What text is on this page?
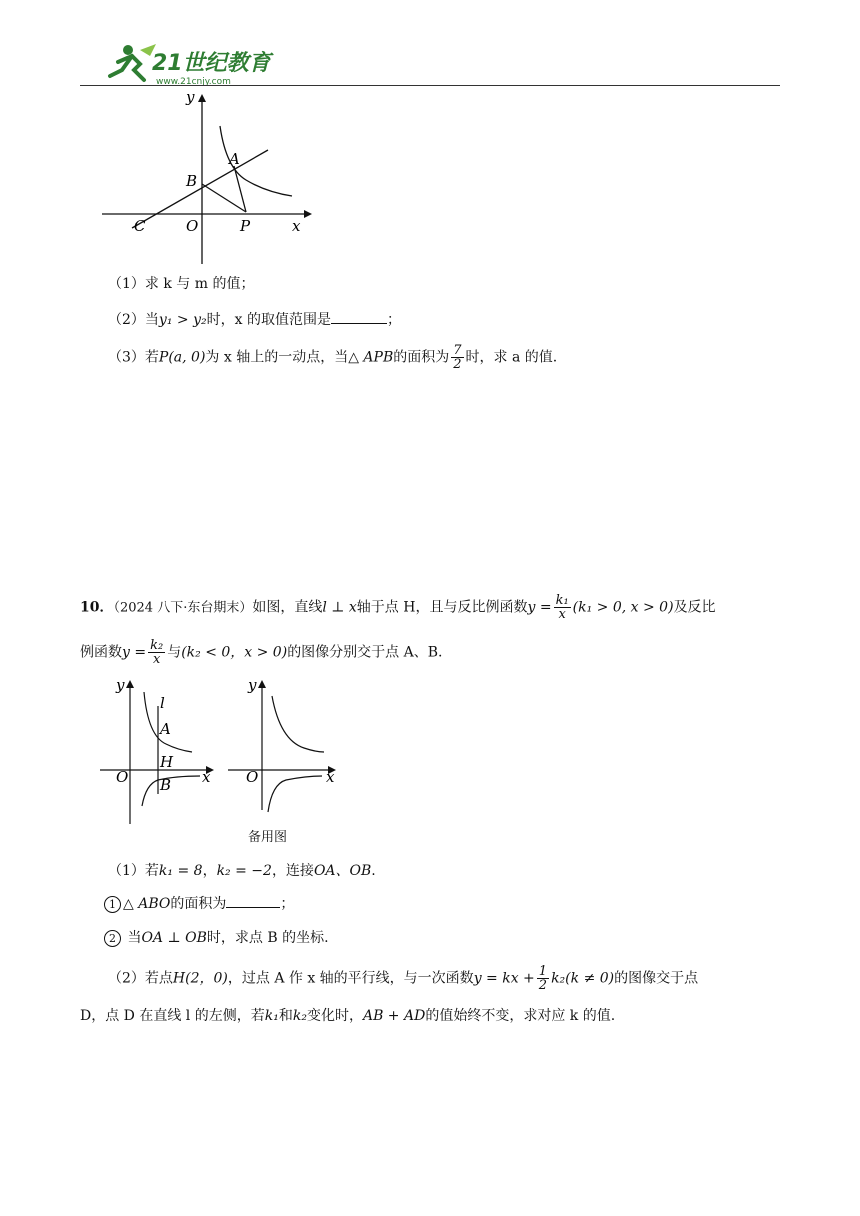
21世纪教育
www.21cnjy.com
y
x
A
B
C	O	P
（1）求 k 与 m 的值；
（2）当y₁ > y₂时，x 的取值范围是	；
（3）若P(a, 0)为 x 轴上的一动点，当△ APB的面积为 $\frac{7}{2}$ 时，求 a 的值.
10．（2024 八下·东台期末）如图，直线l ⊥ x轴于点 H，且与反比例函数$y = \frac{\text{k₁}}{x} (k_1 > 0$, x > 0)及反比
例函数$y = \frac{\text{k₂}}{x}$ 与(k₂ < 0，x > 0)的图像分别交于点 A、B.
y
x
l
A
H
B
O
y
x
O
备用图
（1）若k₁ = 8，k₂ = −2，连接OA、OB.
1 △ ABO的面积为	；
2 当OA ⊥ OB时，求点 B 的坐标.
（2）若点H(2，0)，过点 A 作 x 轴的平行线，与一次函数y = kx + $\frac{1}{2} k_2(k \ne 0)$的图像交于点
D，点 D 在直线 l 的左侧，若k₁和k₂变化时，AB + AD的值始终不变，求对应 k 的值.
